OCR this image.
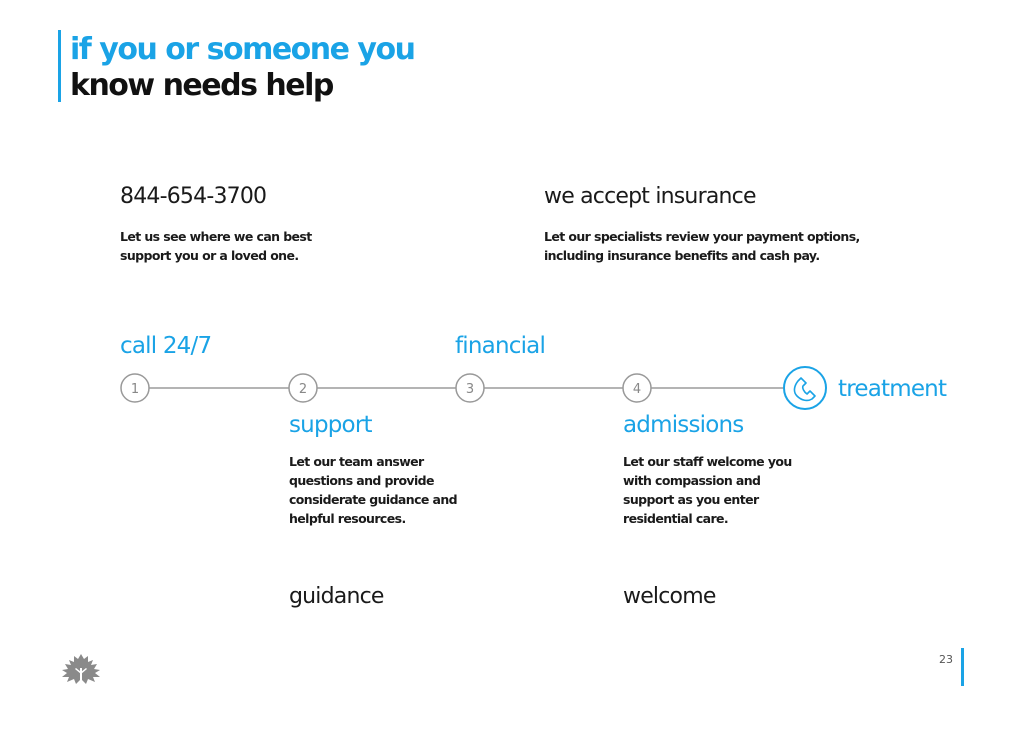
if you or someone you
know needs help
844-654-3700
Let us see where we can best support you or a loved one.
we accept insurance
Let our specialists review your payment options, including insurance benefits and cash pay.
call 24/7	financial
1	2	3	4	treatment
support	admissions
Let our team answer questions and provide considerate guidance and helpful resources.
Let our staff welcome you with compassion and support as you enter residential care.
guidance	welcome
23
